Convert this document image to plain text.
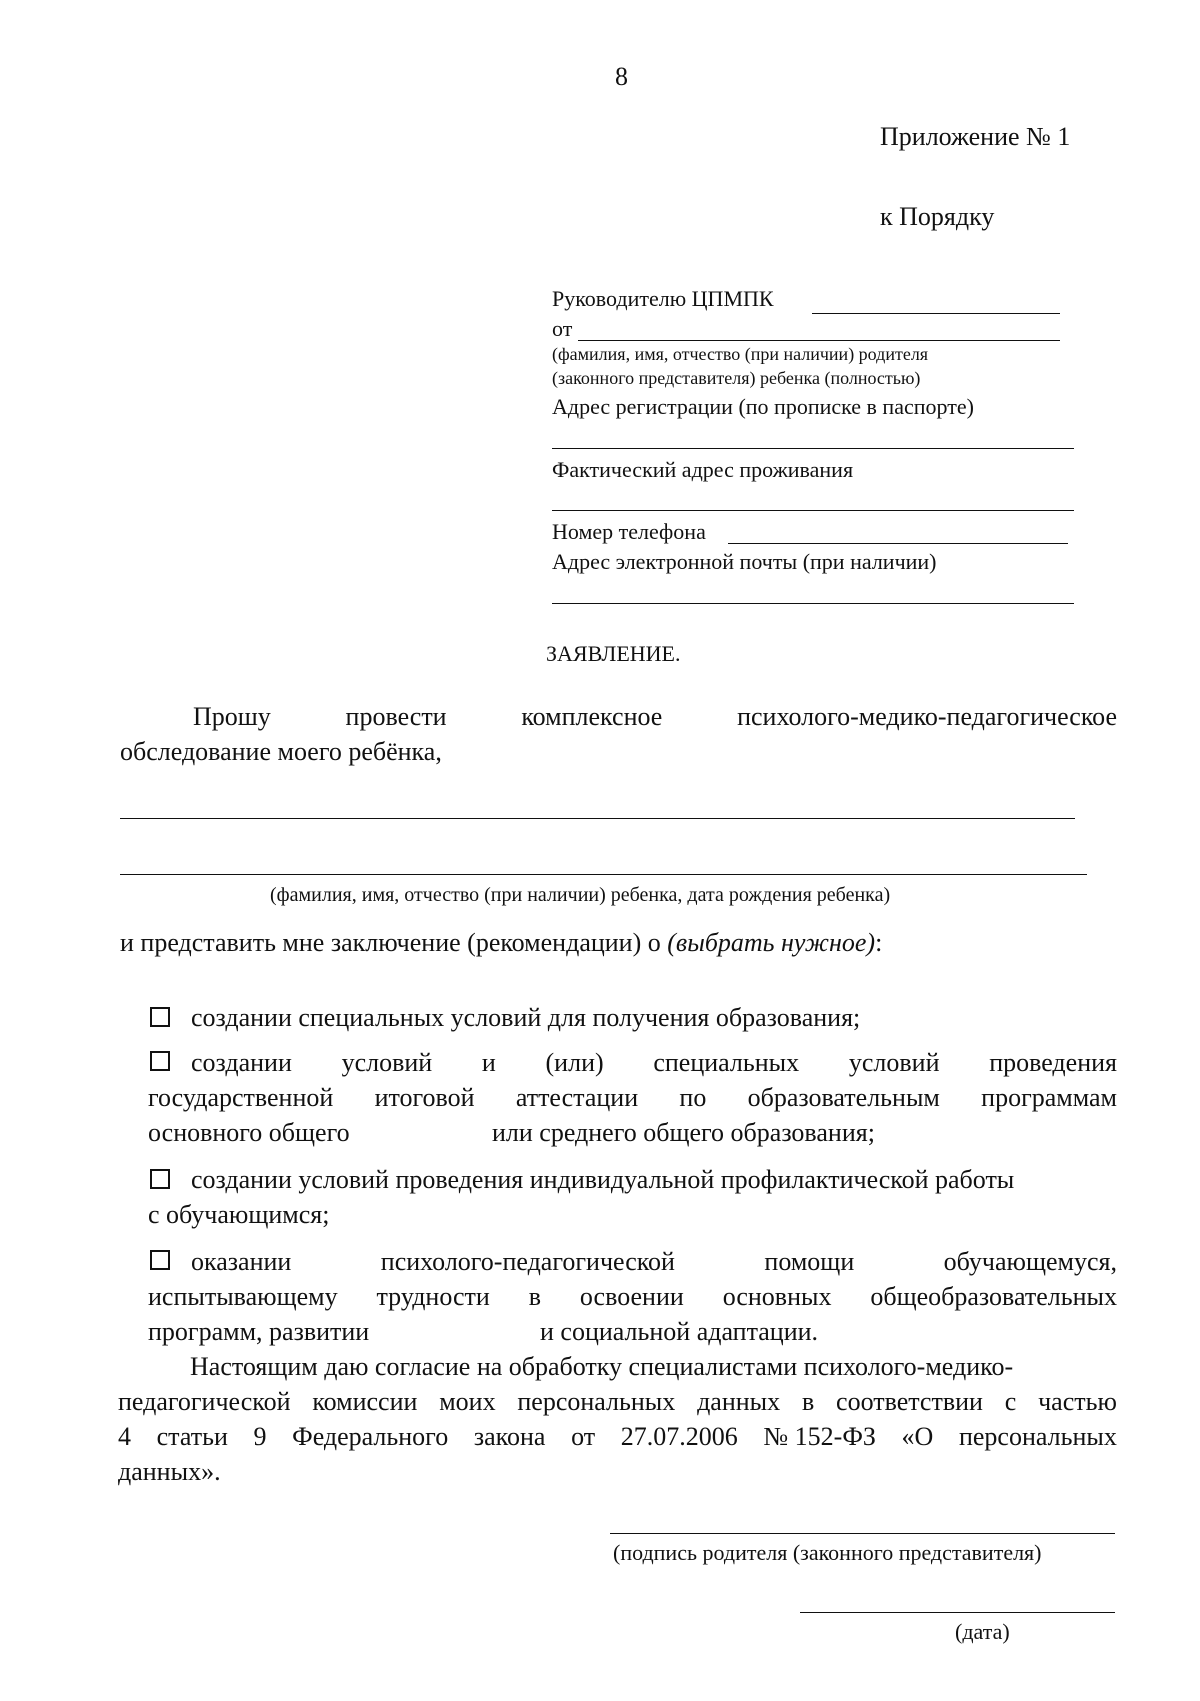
8
Приложение № 1
к Порядку
Руководителю ЦПМПК
от
(фамилия, имя, отчество (при наличии) родителя
(законного представителя) ребенка (полностью)
Адрес регистрации (по прописке в паспорте)
Фактический адрес проживания
Номер телефона
Адрес электронной почты (при наличии)
ЗАЯВЛЕНИЕ.
Прошу	провести	комплексное	психолого-медико-педагогическое
обследование моего ребёнка,
(фамилия, имя, отчество (при наличии) ребенка, дата рождения ребенка)
и представить мне заключение (рекомендации) о (выбрать нужное):
создании специальных условий для получения образования;
создании условий и (или) специальных условий проведения
государственной итоговой аттестации по образовательным программам
основного общего	или среднего общего образования;
создании условий проведения индивидуальной профилактической работы
с обучающимся;
оказании	психолого-педагогической	помощи	обучающемуся,
испытывающему трудности в освоении основных общеобразовательных
программ, развитии	и социальной адаптации.
Настоящим даю согласие на обработку специалистами психолого-медико-
педагогической комиссии моих персональных данных в соответствии с частью
4 статьи 9 Федерального закона от 27.07.2006 № 152-ФЗ «О персональных
данных».
(подпись родителя (законного представителя)
(дата)
